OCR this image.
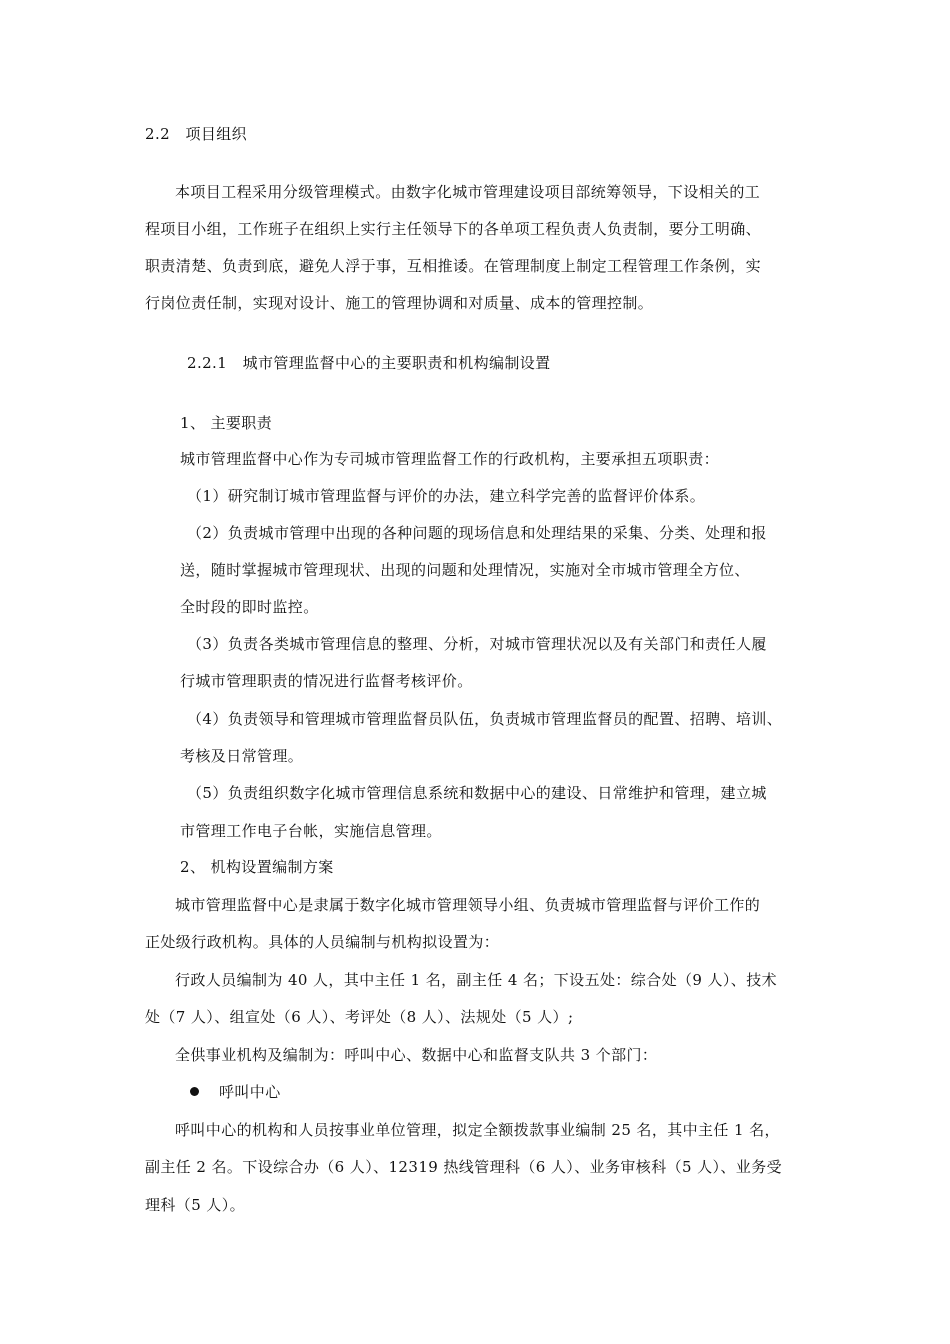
2.2　项目组织
本项目工程采用分级管理模式。由数字化城市管理建设项目部统筹领导，下设相关的工
程项目小组，工作班子在组织上实行主任领导下的各单项工程负责人负责制，要分工明确、
职责清楚、负责到底，避免人浮于事，互相推诿。在管理制度上制定工程管理工作条例，实
行岗位责任制，实现对设计、施工的管理协调和对质量、成本的管理控制。
2.2.1　城市管理监督中心的主要职责和机构编制设置
1、 主要职责
城市管理监督中心作为专司城市管理监督工作的行政机构，主要承担五项职责：
（1）研究制订城市管理监督与评价的办法，建立科学完善的监督评价体系。
（2）负责城市管理中出现的各种问题的现场信息和处理结果的采集、分类、处理和报
送，随时掌握城市管理现状、出现的问题和处理情况，实施对全市城市管理全方位、
全时段的即时监控。
（3）负责各类城市管理信息的整理、分析，对城市管理状况以及有关部门和责任人履
行城市管理职责的情况进行监督考核评价。
（4）负责领导和管理城市管理监督员队伍，负责城市管理监督员的配置、招聘、培训、
考核及日常管理。
（5）负责组织数字化城市管理信息系统和数据中心的建设、日常维护和管理，建立城
市管理工作电子台帐，实施信息管理。
2、 机构设置编制方案
城市管理监督中心是隶属于数字化城市管理领导小组、负责城市管理监督与评价工作的
正处级行政机构。具体的人员编制与机构拟设置为：
行政人员编制为 40 人，其中主任 1 名，副主任 4 名；下设五处：综合处（9 人）、技术
处（7 人）、组宣处（6 人）、考评处（8 人）、法规处（5 人）;
全供事业机构及编制为：呼叫中心、数据中心和监督支队共 3 个部门：
呼叫中心
呼叫中心的机构和人员按事业单位管理，拟定全额拨款事业编制 25 名，其中主任 1 名，
副主任 2 名。下设综合办（6 人）、12319 热线管理科（6 人）、业务审核科（5 人）、业务受
理科（5 人）。
